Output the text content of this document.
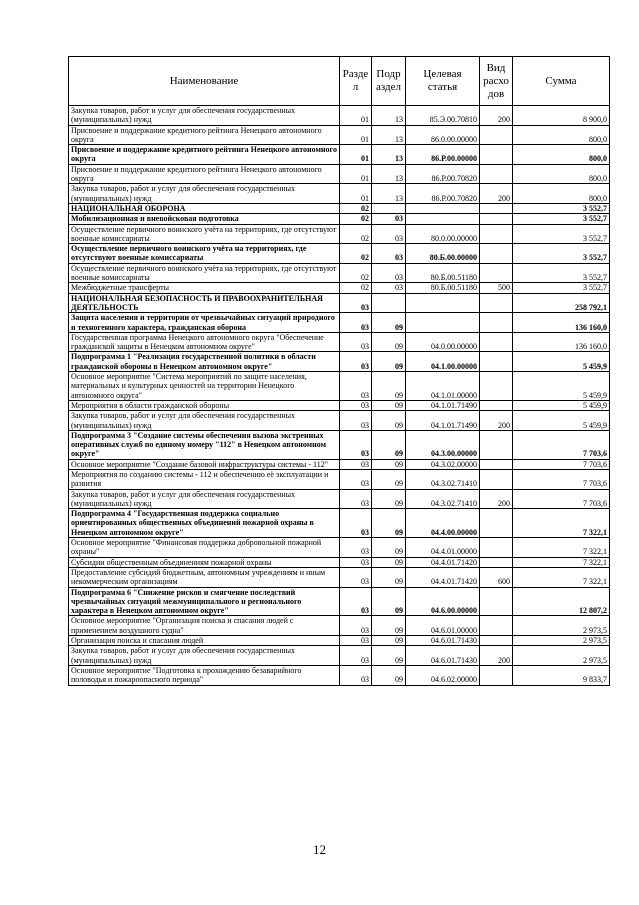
Наименование	Разде л	Подр аздел	Целевая статья	Вид расхо дов	Сумма
Закупка товаров, работ и услуг для обеспечения государственных (муниципальных) нужд	01	13	85.Э.00.70810	200	8 900,0
Присвоение и поддержание кредитного рейтинга Ненецкого автономного округа	01	13	86.0.00.00000		800,0
Присвоение и поддержание кредитного рейтинга Ненецкого автономного округа	01	13	86.Р.00.00000		800,0
Присвоение и поддержание кредитного рейтинга Ненецкого автономного округа	01	13	86.Р.00.70820		800,0
Закупка товаров, работ и услуг для обеспечения государственных (муниципальных) нужд	01	13	86.Р.00.70820	200	800,0
НАЦИОНАЛЬНАЯ ОБОРОНА	02				3 552,7
Мобилизационная и вневойсковая подготовка	02	03			3 552,7
Осуществление первичного воинского учёта на территориях, где отсутствуют военные комиссариаты	02	03	80.0.00.00000		3 552,7
Осуществление первичного воинского учёта на территориях, где отсутствуют военные комиссариаты	02	03	80.Б.00.00000		3 552,7
Осуществление первичного воинского учёта на территориях, где отсутствуют военные комиссариаты	02	03	80.Б.00.51180		3 552,7
Межбюджетные трансферты	02	03	80.Б.00.51180	500	3 552,7
НАЦИОНАЛЬНАЯ БЕЗОПАСНОСТЬ И ПРАВООХРАНИТЕЛЬНАЯ ДЕЯТЕЛЬНОСТЬ	03				258 792,1
Защита населения и территории от чрезвычайных ситуаций природного и техногенного характера, гражданская оборона	03	09			136 160,0
Государственная программа Ненецкого автономного округа "Обеспечение гражданской защиты в Ненецком автономном округе"	03	09	04.0.00.00000		136 160,0
Подпрограмма 1 "Реализация государственной политики в области гражданской обороны в Ненецком автономном округе"	03	09	04.1.00.00000		5 459,9
Основное мероприятие "Система мероприятий по защите населения, материальных и культурных ценностей на территории Ненецкого автономного округа"	03	09	04.1.01.00000		5 459,9
Мероприятия в области гражданской обороны	03	09	04.1.01.71490		5 459,9
Закупка товаров, работ и услуг для обеспечения государственных (муниципальных) нужд	03	09	04.1.01.71490	200	5 459,9
Подпрограмма 3 "Создание системы обеспечения вызова экстренных оперативных служб по единому номеру "112" в Ненецком автономном округе"	03	09	04.3.00.00000		7 703,6
Основное мероприятие "Создание базовой инфраструктуры системы - 112"	03	09	04.3.02.00000		7 703,6
Мероприятия по созданию системы - 112 и обеспечению её эксплуатации и развития	03	09	04.3.02.71410		7 703,6
Закупка товаров, работ и услуг для обеспечения государственных (муниципальных) нужд	03	09	04.3.02.71410	200	7 703,6
Подпрограмма 4 "Государственная поддержка социально ориентированных общественных объединений пожарной охраны в Ненецком автономном округе"	03	09	04.4.00.00000		7 322,1
Основное мероприятие "Финансовая поддержка добровольной пожарной охраны"	03	09	04.4.01.00000		7 322,1
Субсидии общественным объединениям пожарной охраны	03	09	04.4.01.71420		7 322,1
Предоставление субсидий бюджетным, автономным учреждениям и иным некоммерческим организациям	03	09	04.4.01.71420	600	7 322,1
Подпрограмма 6 "Снижение рисков и смягчение последствий чрезвычайных ситуаций межмуниципального и регионального характера в Ненецком автономном округе"	03	09	04.6.00.00000		12 807,2
Основное мероприятие "Организация поиска и спасания людей с применением воздушного судна"	03	09	04.6.01.00000		2 973,5
Организация поиска и спасания людей	03	09	04.6.01.71430		2 973,5
Закупка товаров, работ и услуг для обеспечения государственных (муниципальных) нужд	03	09	04.6.01.71430	200	2 973,5
Основное мероприятие "Подготовка к прохождению безаварийного половодья и пожароопасного периода"	03	09	04.6.02.00000		9 833,7
12
